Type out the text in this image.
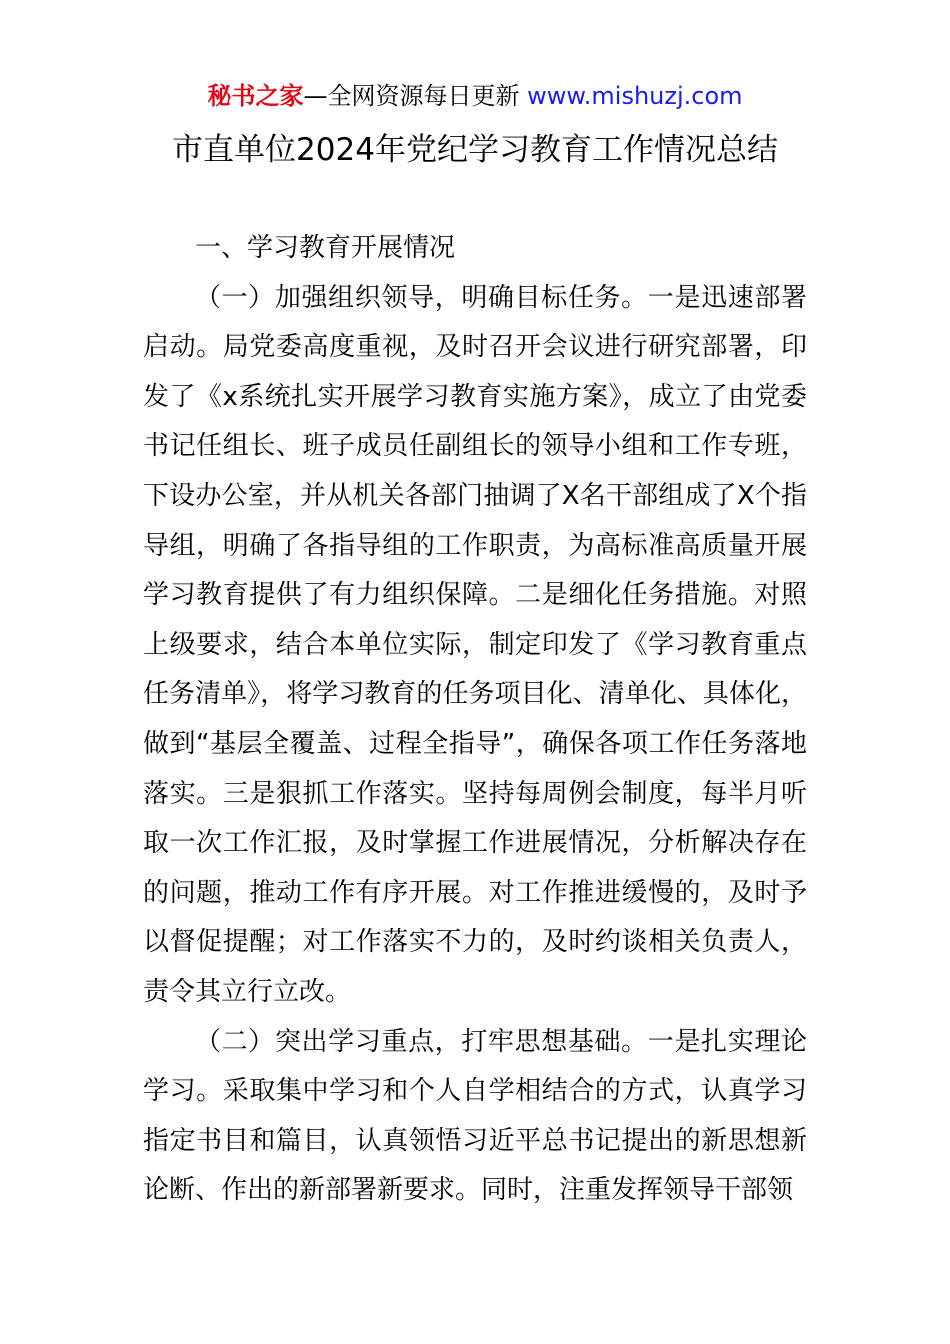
秘书之家—全网资源每日更新 www.mishuzj.com
市直单位2024年党纪学习教育工作情况总结

一、学习教育开展情况

（一）加强组织领导，明确目标任务。一是迅速部署启动。局党委高度重视，及时召开会议进行研究部署，印发了《x系统扎实开展学习教育实施方案》，成立了由党委书记任组长、班子成员任副组长的领导小组和工作专班，下设办公室，并从机关各部门抽调了X名干部组成了X个指导组，明确了各指导组的工作职责，为高标准高质量开展学习教育提供了有力组织保障。二是细化任务措施。对照上级要求，结合本单位实际，制定印发了《学习教育重点任务清单》，将学习教育的任务项目化、清单化、具体化，做到“基层全覆盖、过程全指导”，确保各项工作任务落地落实。三是狠抓工作落实。坚持每周例会制度，每半月听取一次工作汇报，及时掌握工作进展情况，分析解决存在的问题，推动工作有序开展。对工作推进缓慢的，及时予以督促提醒；对工作落实不力的，及时约谈相关负责人，责令其立行立改。

（二）突出学习重点，打牢思想基础。一是扎实理论学习。采取集中学习和个人自学相结合的方式，认真学习指定书目和篇目，认真领悟习近平总书记提出的新思想新论断、作出的新部署新要求。同时，注重发挥领导干部领
